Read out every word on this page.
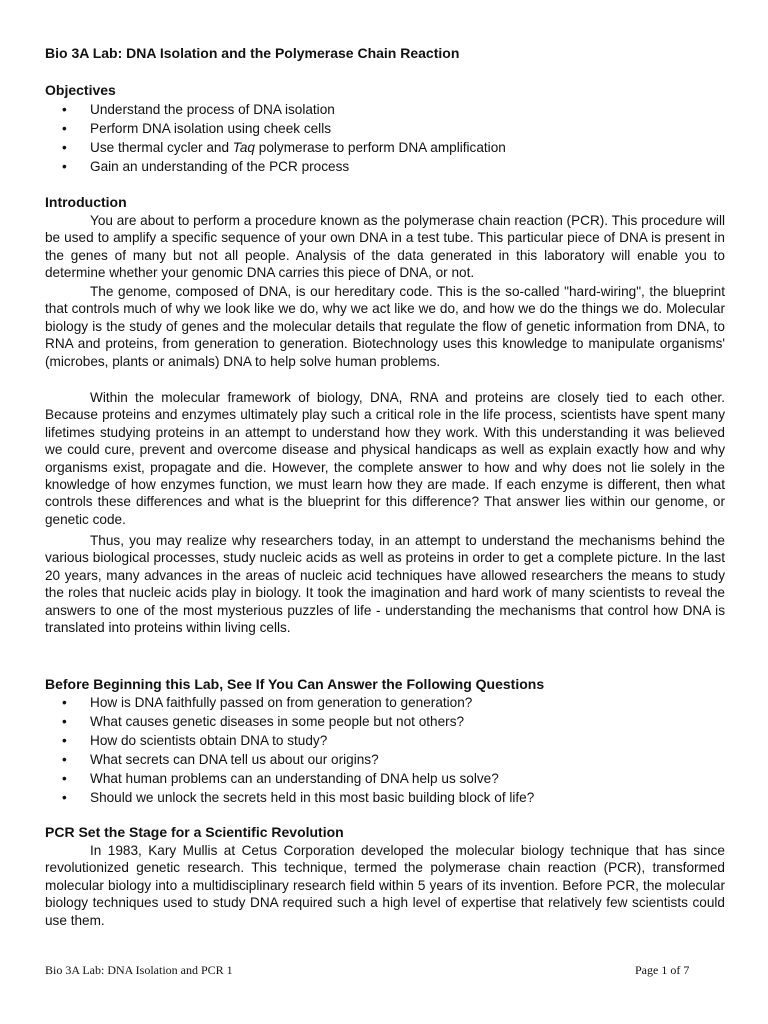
Bio 3A Lab: DNA Isolation and the Polymerase Chain Reaction
Objectives
• Understand the process of DNA isolation
• Perform DNA isolation using cheek cells
• Use thermal cycler and Taq polymerase to perform DNA amplification
• Gain an understanding of the PCR process
Introduction

You are about to perform a procedure known as the polymerase chain reaction (PCR). This procedure will be used to amplify a specific sequence of your own DNA in a test tube. This particular piece of DNA is present in the genes of many but not all people. Analysis of the data generated in this laboratory will enable you to determine whether your genomic DNA carries this piece of DNA, or not.

The genome, composed of DNA, is our hereditary code. This is the so-called "hard-wiring", the blueprint that controls much of why we look like we do, why we act like we do, and how we do the things we do. Molecular biology is the study of genes and the molecular details that regulate the flow of genetic information from DNA, to RNA and proteins, from generation to generation. Biotechnology uses this knowledge to manipulate organisms' (microbes, plants or animals) DNA to help solve human problems.

Within the molecular framework of biology, DNA, RNA and proteins are closely tied to each other. Because proteins and enzymes ultimately play such a critical role in the life process, scientists have spent many lifetimes studying proteins in an attempt to understand how they work. With this understanding it was believed we could cure, prevent and overcome disease and physical handicaps as well as explain exactly how and why organisms exist, propagate and die. However, the complete answer to how and why does not lie solely in the knowledge of how enzymes function, we must learn how they are made. If each enzyme is different, then what controls these differences and what is the blueprint for this difference? That answer lies within our genome, or genetic code.

Thus, you may realize why researchers today, in an attempt to understand the mechanisms behind the various biological processes, study nucleic acids as well as proteins in order to get a complete picture. In the last 20 years, many advances in the areas of nucleic acid techniques have allowed researchers the means to study the roles that nucleic acids play in biology. It took the imagination and hard work of many scientists to reveal the answers to one of the most mysterious puzzles of life - understanding the mechanisms that control how DNA is translated into proteins within living cells.

Before Beginning this Lab, See If You Can Answer the Following Questions
• How is DNA faithfully passed on from generation to generation?
• What causes genetic diseases in some people but not others?
• How do scientists obtain DNA to study?
• What secrets can DNA tell us about our origins?
• What human problems can an understanding of DNA help us solve?
• Should we unlock the secrets held in this most basic building block of life?
PCR Set the Stage for a Scientific Revolution

In 1983, Kary Mullis at Cetus Corporation developed the molecular biology technique that has since revolutionized genetic research. This technique, termed the polymerase chain reaction (PCR), transformed molecular biology into a multidisciplinary research field within 5 years of its invention. Before PCR, the molecular biology techniques used to study DNA required such a high level of expertise that relatively few scientists could use them.

Bio 3A Lab: DNA Isolation and PCR 1	Page 1 of 7
